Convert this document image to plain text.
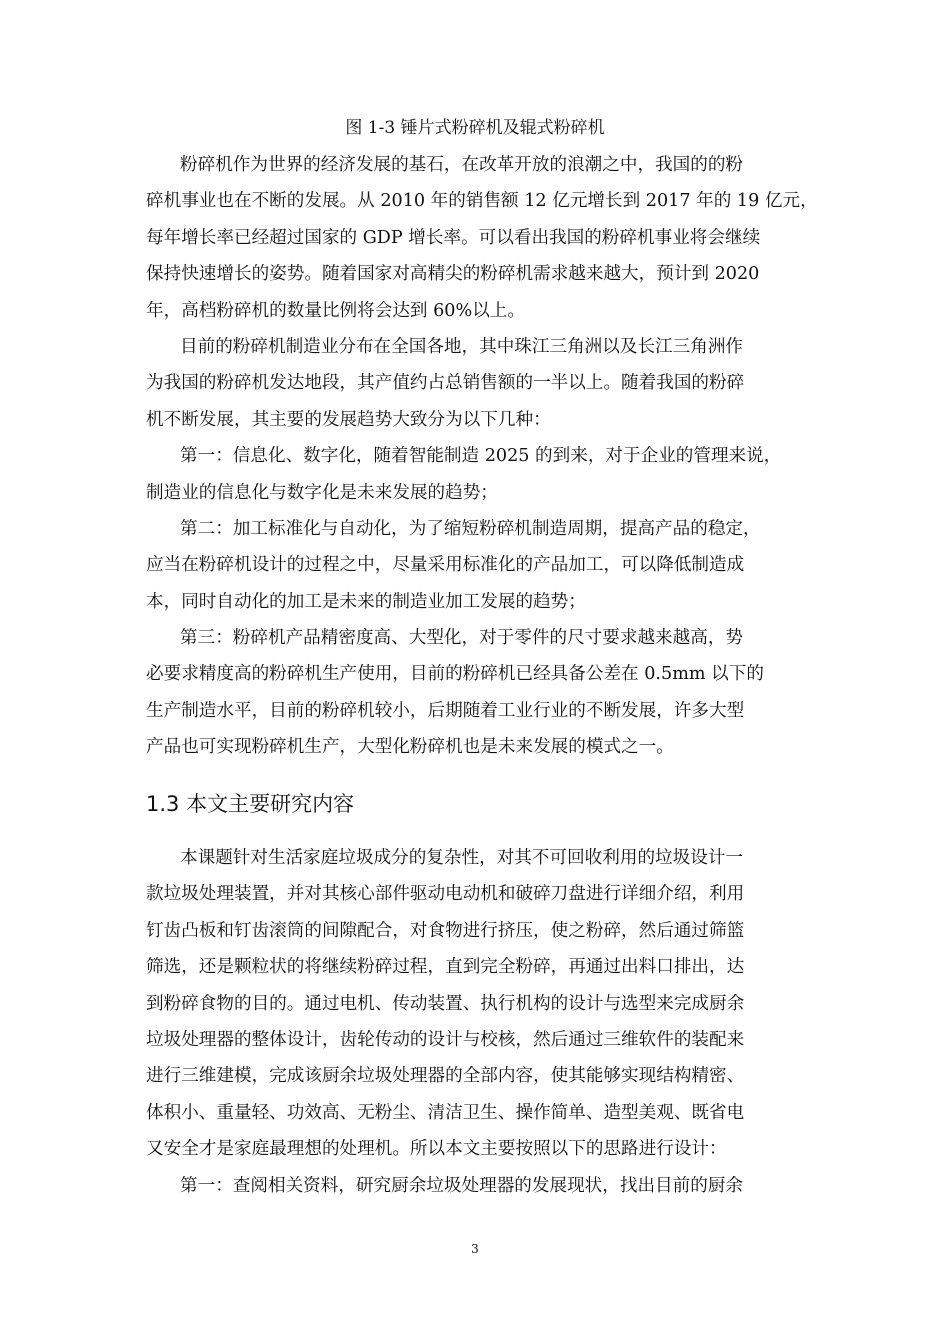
图 1-3 锤片式粉碎机及辊式粉碎机
粉碎机作为世界的经济发展的基石，在改革开放的浪潮之中，我国的的粉
碎机事业也在不断的发展。从 2010 年的销售额 12 亿元增长到 2017 年的 19 亿元，
每年增长率已经超过国家的 GDP 增长率。可以看出我国的粉碎机事业将会继续
保持快速增长的姿势。随着国家对高精尖的粉碎机需求越来越大，预计到 2020
年，高档粉碎机的数量比例将会达到 60%以上。
目前的粉碎机制造业分布在全国各地，其中珠江三角洲以及长江三角洲作
为我国的粉碎机发达地段，其产值约占总销售额的一半以上。随着我国的粉碎
机不断发展，其主要的发展趋势大致分为以下几种：
第一：信息化、数字化，随着智能制造 2025 的到来，对于企业的管理来说，
制造业的信息化与数字化是未来发展的趋势；
第二：加工标准化与自动化，为了缩短粉碎机制造周期，提高产品的稳定，
应当在粉碎机设计的过程之中，尽量采用标准化的产品加工，可以降低制造成
本，同时自动化的加工是未来的制造业加工发展的趋势；
第三：粉碎机产品精密度高、大型化，对于零件的尺寸要求越来越高，势
必要求精度高的粉碎机生产使用，目前的粉碎机已经具备公差在 0.5mm 以下的
生产制造水平，目前的粉碎机较小，后期随着工业行业的不断发展，许多大型
产品也可实现粉碎机生产，大型化粉碎机也是未来发展的模式之一。
1.3 本文主要研究内容
本课题针对生活家庭垃圾成分的复杂性，对其不可回收利用的垃圾设计一
款垃圾处理装置，并对其核心部件驱动电动机和破碎刀盘进行详细介绍，利用
钉齿凸板和钉齿滚筒的间隙配合，对食物进行挤压，使之粉碎，然后通过筛篮
筛选，还是颗粒状的将继续粉碎过程，直到完全粉碎，再通过出料口排出，达
到粉碎食物的目的。通过电机、传动装置、执行机构的设计与选型来完成厨余
垃圾处理器的整体设计，齿轮传动的设计与校核，然后通过三维软件的装配来
进行三维建模，完成该厨余垃圾处理器的全部内容，使其能够实现结构精密、
体积小、重量轻、功效高、无粉尘、清洁卫生、操作简单、造型美观、既省电
又安全才是家庭最理想的处理机。所以本文主要按照以下的思路进行设计：
第一：查阅相关资料，研究厨余垃圾处理器的发展现状，找出目前的厨余
3
